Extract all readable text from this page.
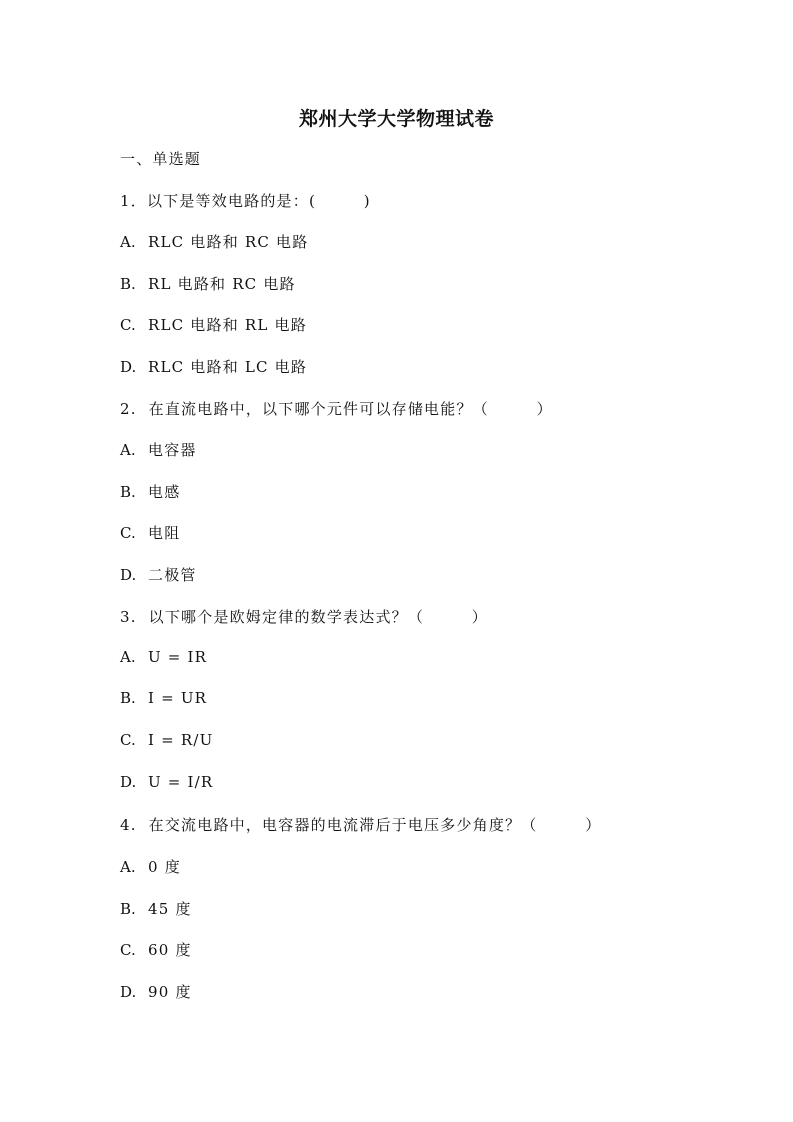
郑州大学大学物理试卷
一、单选题
1．以下是等效电路的是：(        )
A. RLC 电路和 RC 电路
B. RL 电路和 RC 电路
C. RLC 电路和 RL 电路
D. RLC 电路和 LC 电路
2.  在直流电路中，以下哪个元件可以存储电能？（        ）
A. 电容器
B. 电感
C. 电阻
D. 二极管
3.  以下哪个是欧姆定律的数学表达式？（        ）
A. U = IR
B. I = UR
C. I = R/U
D. U = I/R
4.  在交流电路中，电容器的电流滞后于电压多少角度？（        ）
A. 0 度
B. 45 度
C. 60 度
D. 90 度
